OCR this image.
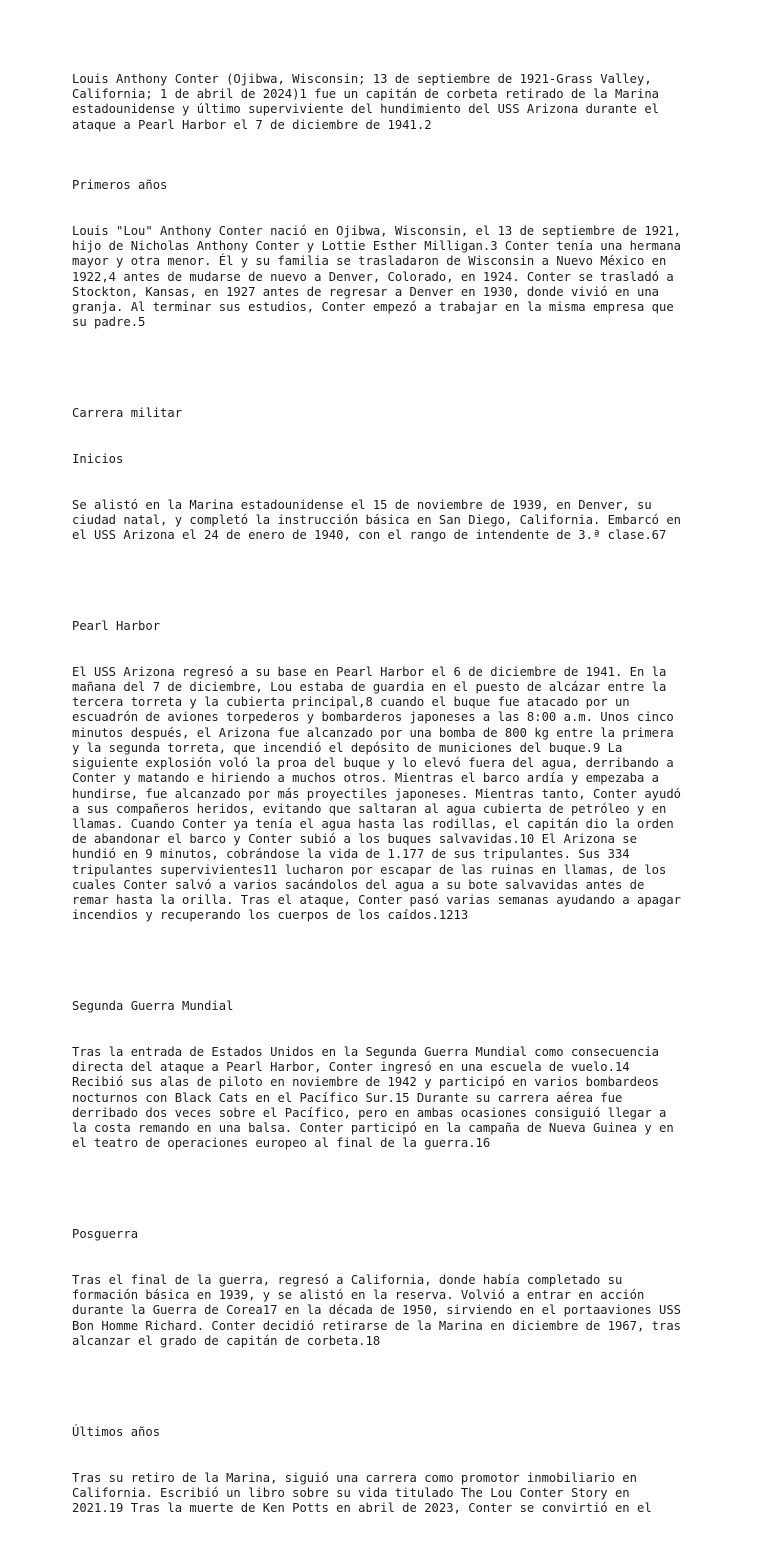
Louis Anthony Conter (Ojibwa, Wisconsin; 13 de septiembre de 1921-Grass Valley,
California; 1 de abril de 2024)1 fue un capitán de corbeta retirado de la Marina
estadounidense y último superviviente del hundimiento del USS Arizona durante el
ataque a Pearl Harbor el 7 de diciembre de 1941.2

Primeros años

Louis "Lou" Anthony Conter nació en Ojibwa, Wisconsin, el 13 de septiembre de 1921,
hijo de Nicholas Anthony Conter y Lottie Esther Milligan.3 Conter tenía una hermana
mayor y otra menor. Él y su familia se trasladaron de Wisconsin a Nuevo México en
1922,4 antes de mudarse de nuevo a Denver, Colorado, en 1924. Conter se trasladó a
Stockton, Kansas, en 1927 antes de regresar a Denver en 1930, donde vivió en una
granja. Al terminar sus estudios, Conter empezó a trabajar en la misma empresa que
su padre.5

Carrera militar

Inicios

Se alistó en la Marina estadounidense el 15 de noviembre de 1939, en Denver, su
ciudad natal, y completó la instrucción básica en San Diego, California. Embarcó en
el USS Arizona el 24 de enero de 1940, con el rango de intendente de 3.ª clase.67

Pearl Harbor

El USS Arizona regresó a su base en Pearl Harbor el 6 de diciembre de 1941. En la
mañana del 7 de diciembre, Lou estaba de guardia en el puesto de alcázar entre la
tercera torreta y la cubierta principal,8 cuando el buque fue atacado por un
escuadrón de aviones torpederos y bombarderos japoneses a las 8:00 a.m. Unos cinco
minutos después, el Arizona fue alcanzado por una bomba de 800 kg entre la primera
y la segunda torreta, que incendió el depósito de municiones del buque.9 La
siguiente explosión voló la proa del buque y lo elevó fuera del agua, derribando a
Conter y matando e hiriendo a muchos otros. Mientras el barco ardía y empezaba a
hundirse, fue alcanzado por más proyectiles japoneses. Mientras tanto, Conter ayudó
a sus compañeros heridos, evitando que saltaran al agua cubierta de petróleo y en
llamas. Cuando Conter ya tenía el agua hasta las rodillas, el capitán dio la orden
de abandonar el barco y Conter subió a los buques salvavidas.10 El Arizona se
hundió en 9 minutos, cobrándose la vida de 1.177 de sus tripulantes. Sus 334
tripulantes supervivientes11 lucharon por escapar de las ruinas en llamas, de los
cuales Conter salvó a varios sacándolos del agua a su bote salvavidas antes de
remar hasta la orilla. Tras el ataque, Conter pasó varias semanas ayudando a apagar
incendios y recuperando los cuerpos de los caídos.1213

Segunda Guerra Mundial

Tras la entrada de Estados Unidos en la Segunda Guerra Mundial como consecuencia
directa del ataque a Pearl Harbor, Conter ingresó en una escuela de vuelo.14
Recibió sus alas de piloto en noviembre de 1942 y participó en varios bombardeos
nocturnos con Black Cats en el Pacífico Sur.15 Durante su carrera aérea fue
derribado dos veces sobre el Pacífico, pero en ambas ocasiones consiguió llegar a
la costa remando en una balsa. Conter participó en la campaña de Nueva Guinea y en
el teatro de operaciones europeo al final de la guerra.16

Posguerra

Tras el final de la guerra, regresó a California, donde había completado su
formación básica en 1939, y se alistó en la reserva. Volvió a entrar en acción
durante la Guerra de Corea17 en la década de 1950, sirviendo en el portaaviones USS
Bon Homme Richard. Conter decidió retirarse de la Marina en diciembre de 1967, tras
alcanzar el grado de capitán de corbeta.18

Últimos años

Tras su retiro de la Marina, siguió una carrera como promotor inmobiliario en
California. Escribió un libro sobre su vida titulado The Lou Conter Story en
2021.19 Tras la muerte de Ken Potts en abril de 2023, Conter se convirtió en el
